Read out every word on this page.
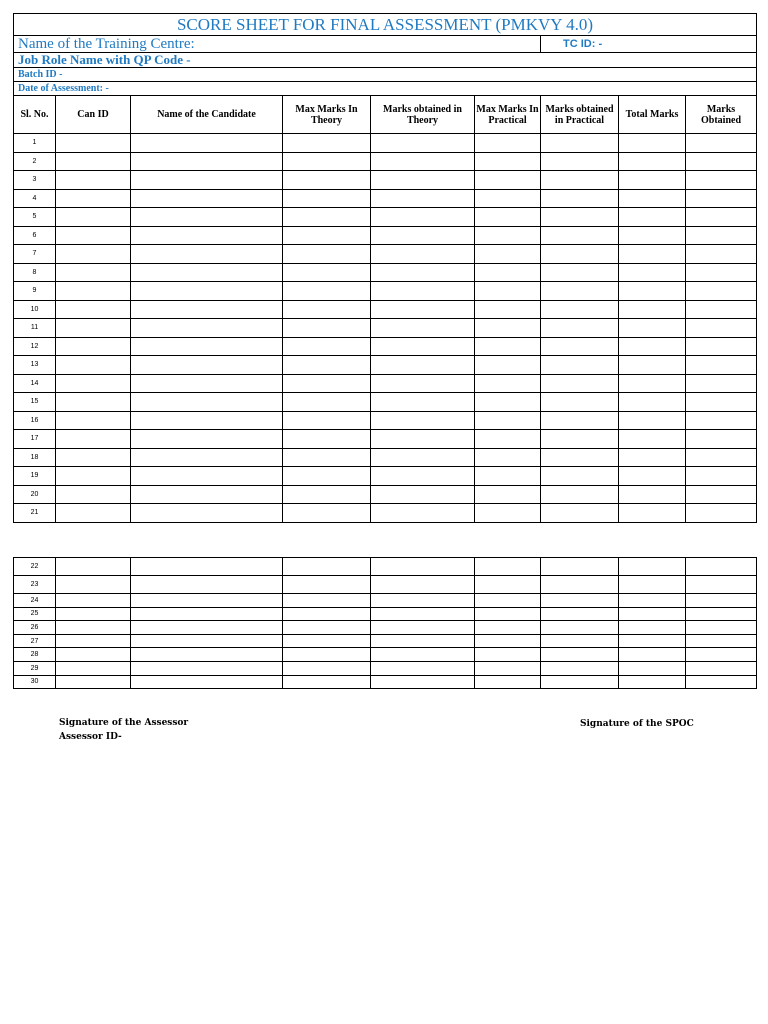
SCORE SHEET FOR FINAL ASSESSMENT (PMKVY 4.0)								
Name of the Training Centre:						TC ID: -		
Job Role Name with QP Code -								
Batch ID -								
Date of Assessment: -								
Sl. No.	Can ID	Name of the Candidate	Max Marks In Theory	Marks obtained in Theory	Max Marks In Practical	Marks obtained in Practical	Total Marks	Marks Obtained
1								
2								
3								
4								
5								
6								
7								
8								
9								
10								
11								
12								
13								
14								
15								
16								
17								
18								
19								
20								
21								
22								
23								
24								
25								
26								
27								
28								
29								
30								
Signature of the Assessor
Assessor ID-
Signature of the SPOC
